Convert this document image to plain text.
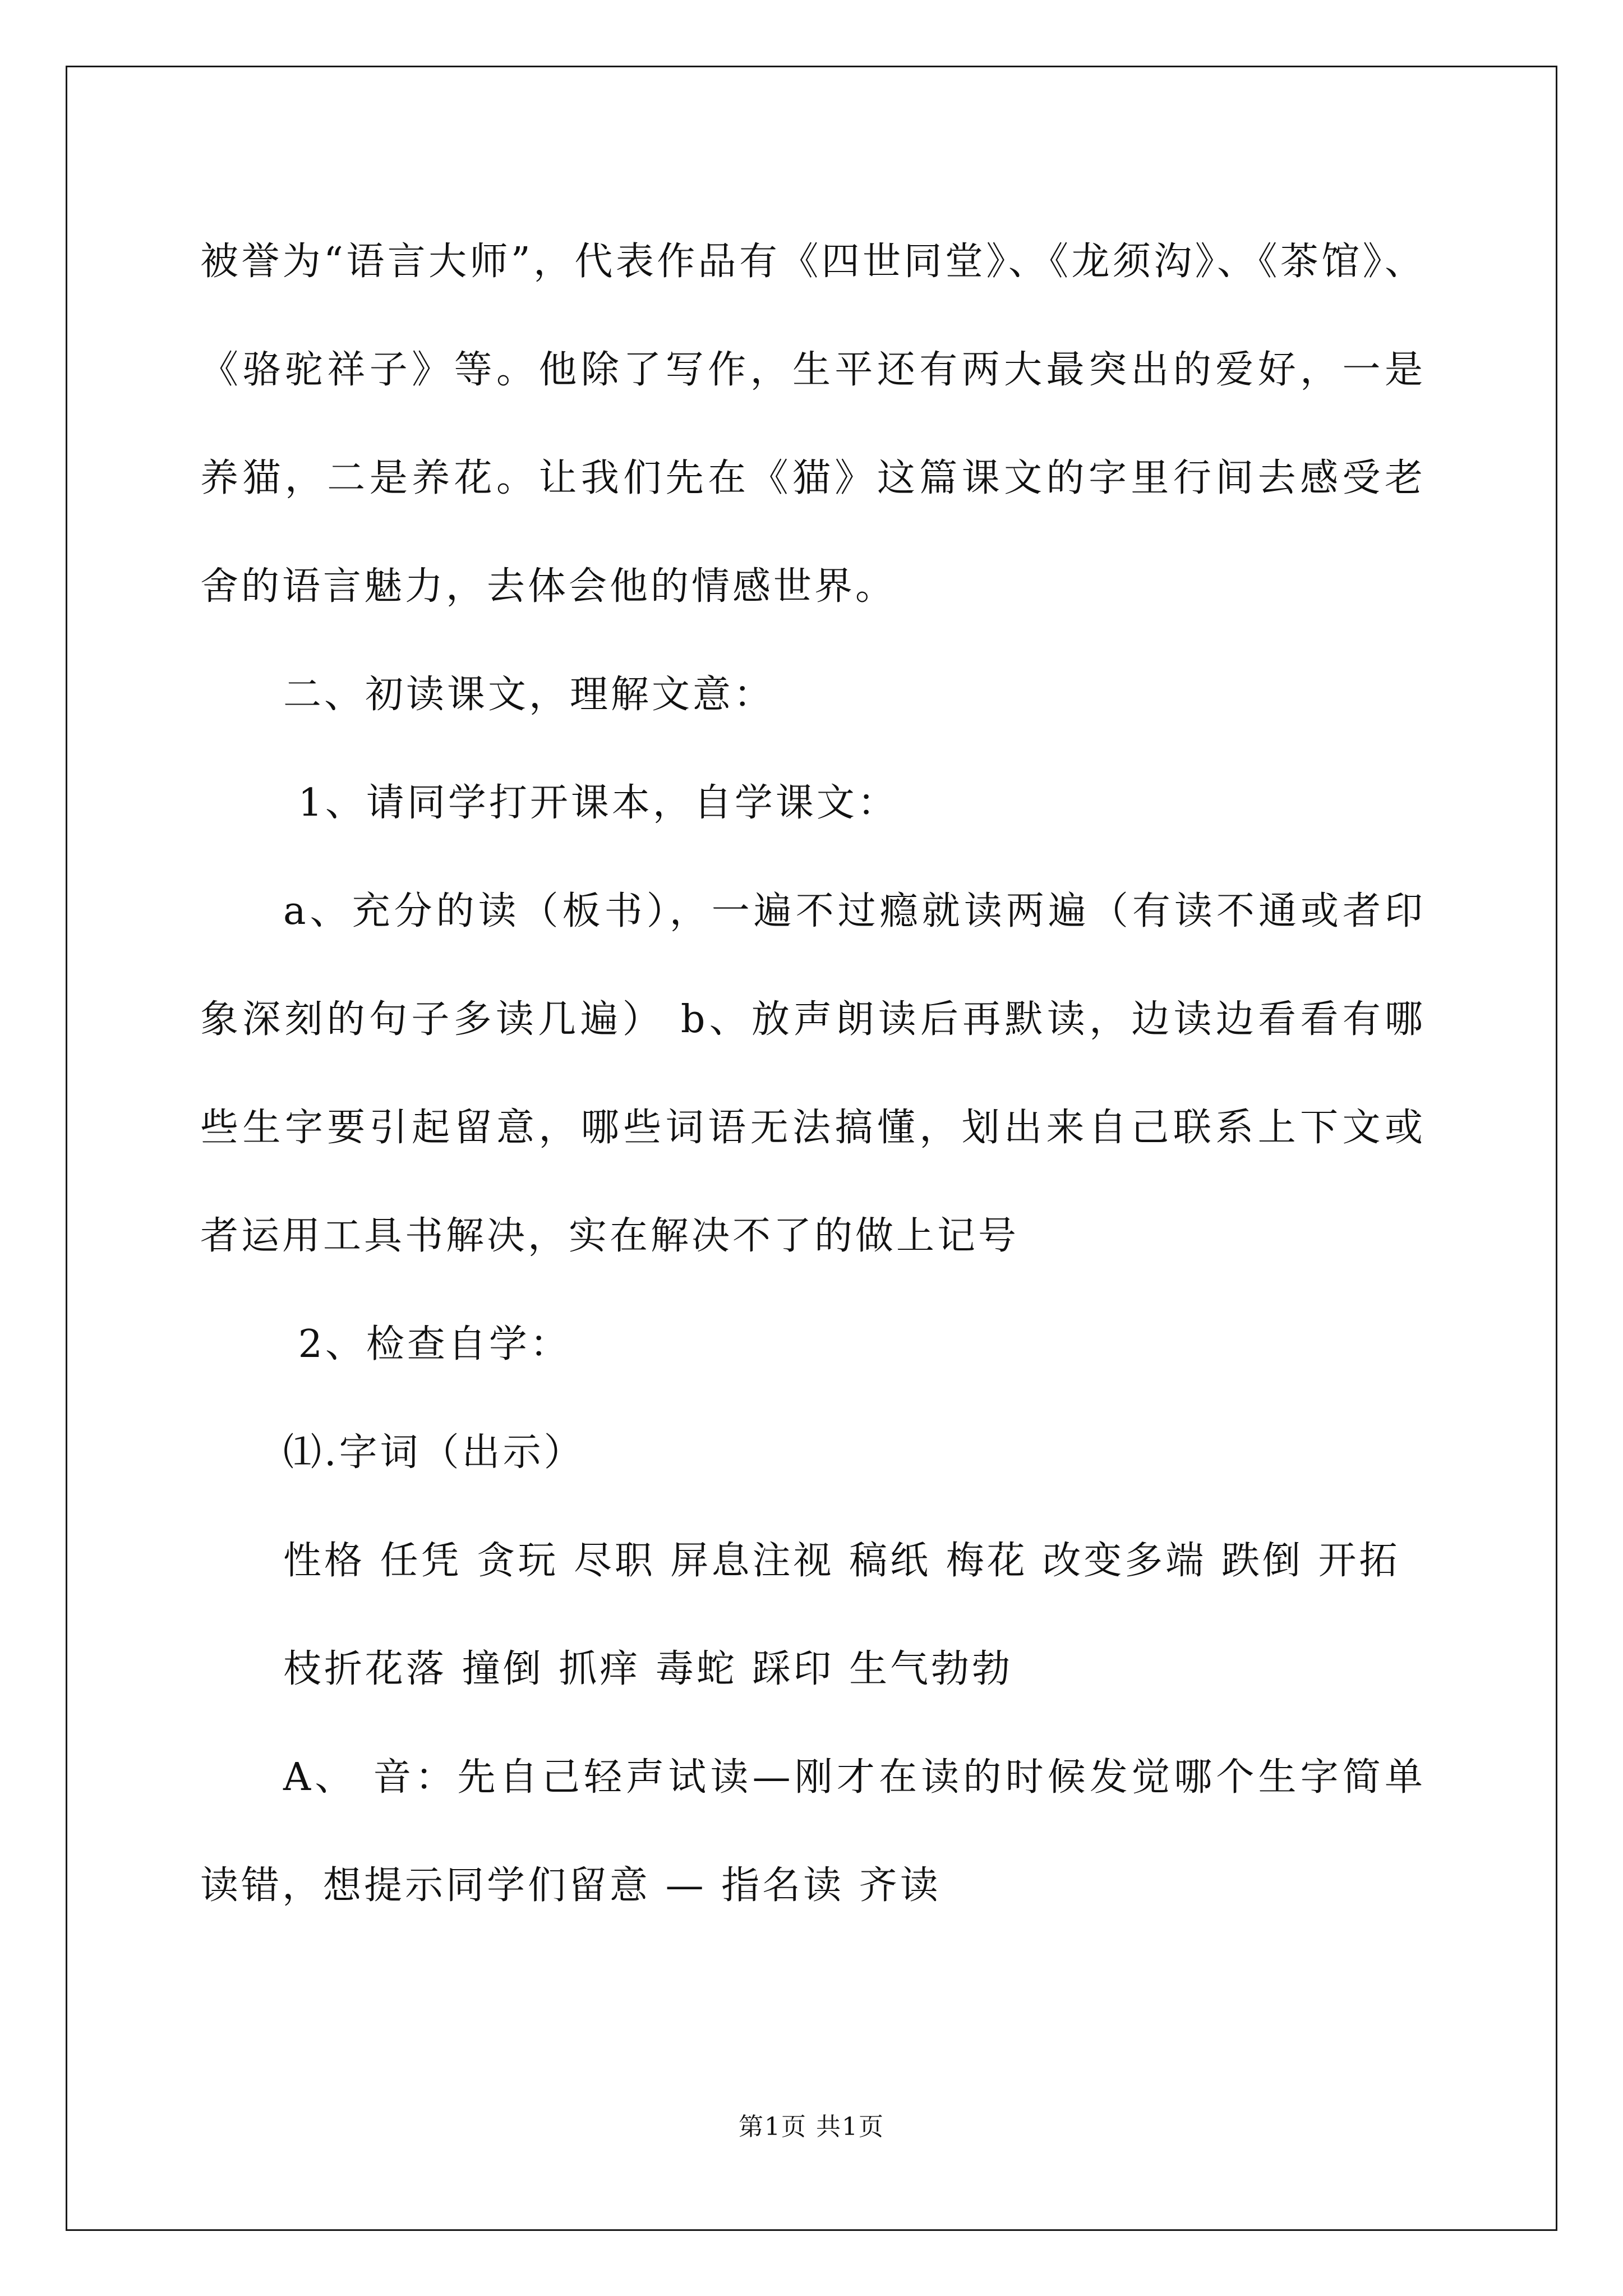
被誉为“语言大师”，代表作品有《四世同堂》、《龙须沟》、《茶馆》、《骆驼祥子》等。他除了写作，生平还有两大最突出的爱好，一是养猫，二是养花。让我们先在《猫》这篇课文的字里行间去感受老舍的语言魅力，去体会他的情感世界。

二、初读课文，理解文意：

1、请同学打开课本，自学课文：

a、充分的读（板书），一遍不过瘾就读两遍（有读不通或者印象深刻的句子多读几遍） b、放声朗读后再默读，边读边看看有哪些生字要引起留意，哪些词语无法搞懂，划出来自己联系上下文或者运用工具书解决，实在解决不了的做上记号

2、检查自学：

⑴.字词（出示）

性格 任凭 贪玩 尽职 屏息注视 稿纸 梅花 改变多端 跌倒 开拓

枝折花落 撞倒 抓痒 毒蛇 踩印 生气勃勃

A、 音：先自己轻声试读—刚才在读的时候发觉哪个生字简单读错，想提示同学们留意 — 指名读 齐读

第1页 共1页
